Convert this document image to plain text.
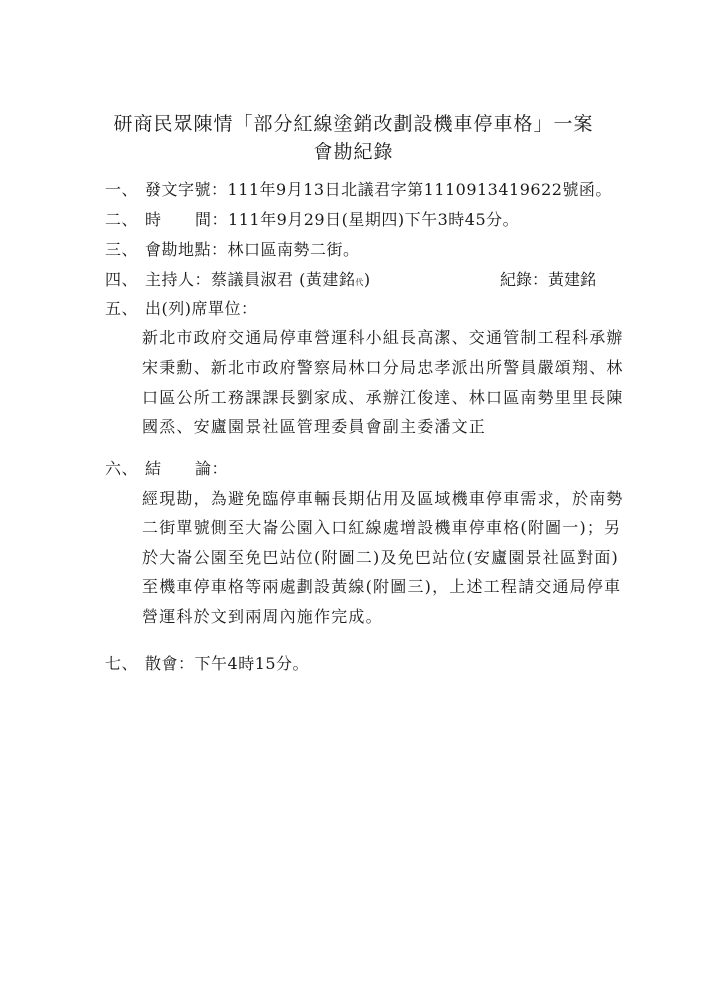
研商民眾陳情「部分紅線塗銷改劃設機車停車格」一案
會勘紀錄
一、 發文字號：111年9月13日北議君字第1110913419622號函。
二、 時 間：111年9月29日(星期四)下午3時45分。
三、 會勘地點：林口區南勢二街。
四、 主持人：蔡議員淑君 (黃建銘代)	紀錄：黃建銘
五、 出(列)席單位：
新北市政府交通局停車營運科小組長高潔、交通管制工程科承辦
宋秉勳、新北市政府警察局林口分局忠孝派出所警員嚴頌翔、林
口區公所工務課課長劉家成、承辦江俊達、林口區南勢里里長陳
國烝、安廬園景社區管理委員會副主委潘文正
六、 結 論：
經現勘，為避免臨停車輛長期佔用及區域機車停車需求，於南勢
二街單號側至大崙公園入口紅線處增設機車停車格(附圖一)；另
於大崙公園至免巴站位(附圖二)及免巴站位(安廬園景社區對面)
至機車停車格等兩處劃設黃線(附圖三)，上述工程請交通局停車
營運科於文到兩周內施作完成。
七、 散會：下午4時15分。
